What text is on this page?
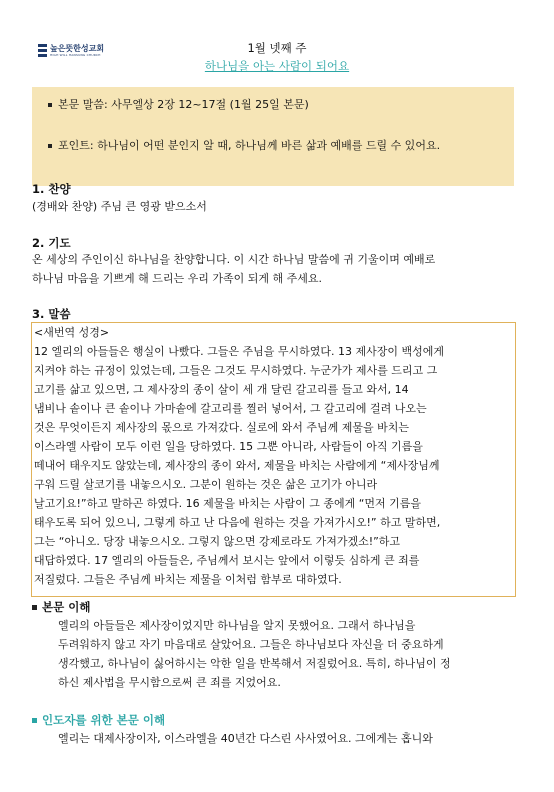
높은뜻한성교회
HIGH WILL HANSUNG CHURCH	1월 넷째 주
하나님을 아는 사람이 되어요
본문 말씀: 사무엘상 2장 12~17절 (1월 25일 본문)
포인트: 하나님이 어떤 분인지 알 때, 하나님께 바른 삶과 예배를 드릴 수 있어요.
1. 찬양
(경배와 찬양) 주님 큰 영광 받으소서
2. 기도
온 세상의 주인이신 하나님을 찬양합니다. 이 시간 하나님 말씀에 귀 기울이며 예배로
하나님 마음을 기쁘게 해 드리는 우리 가족이 되게 해 주세요.
3. 말씀
<새번역 성경>
12 엘리의 아들들은 행실이 나빴다. 그들은 주님을 무시하였다. 13 제사장이 백성에게
지켜야 하는 규정이 있었는데, 그들은 그것도 무시하였다. 누군가가 제사를 드리고 그
고기를 삶고 있으면, 그 제사장의 종이 살이 세 개 달린 갈고리를 들고 와서, 14
냄비나 솥이나 큰 솥이나 가마솥에 갈고리를 찔러 넣어서, 그 갈고리에 걸려 나오는
것은 무엇이든지 제사장의 몫으로 가져갔다. 실로에 와서 주님께 제물을 바치는
이스라엘 사람이 모두 이런 일을 당하였다. 15 그뿐 아니라, 사람들이 아직 기름을
떼내어 태우지도 않았는데, 제사장의 종이 와서, 제물을 바치는 사람에게 “제사장님께
구워 드릴 살코기를 내놓으시오. 그분이 원하는 것은 삶은 고기가 아니라
날고기요!”하고 말하곤 하였다. 16 제물을 바치는 사람이 그 종에게 “먼저 기름을
태우도록 되어 있으니, 그렇게 하고 난 다음에 원하는 것을 가져가시오!” 하고 말하면,
그는 “아니오. 당장 내놓으시오. 그렇지 않으면 강제로라도 가져가겠소!”하고
대답하였다. 17 엘리의 아들들은, 주님께서 보시는 앞에서 이렇듯 심하게 큰 죄를
저질렀다. 그들은 주님께 바치는 제물을 이처럼 함부로 대하였다.
본문 이해
엘리의 아들들은 제사장이었지만 하나님을 알지 못했어요. 그래서 하나님을
두려워하지 않고 자기 마음대로 살았어요. 그들은 하나님보다 자신을 더 중요하게
생각했고, 하나님이 싫어하시는 악한 일을 반복해서 저질렀어요. 특히, 하나님이 정
하신 제사법을 무시함으로써 큰 죄를 지었어요.
인도자를 위한 본문 이해
엘리는 대제사장이자, 이스라엘을 40년간 다스린 사사였어요. 그에게는 홉니와
